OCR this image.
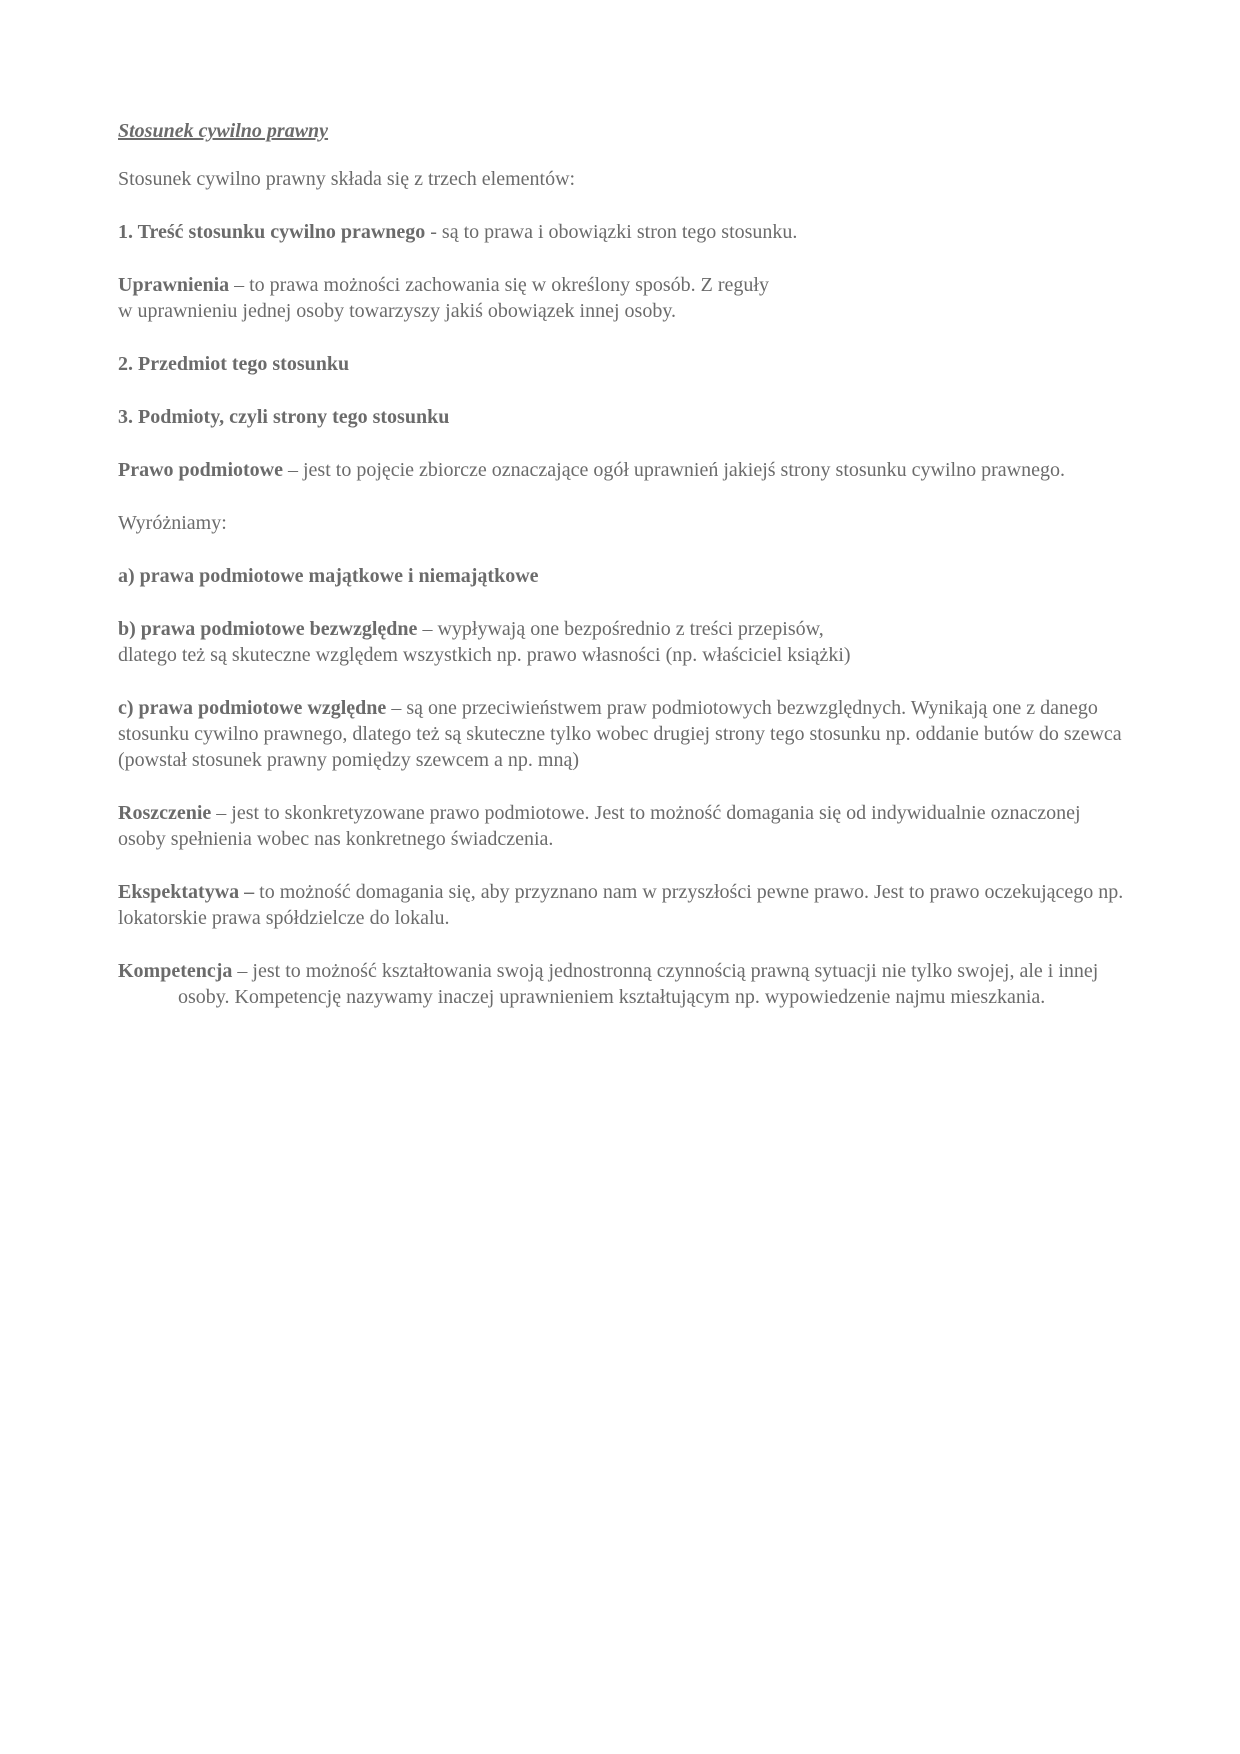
Stosunek cywilno prawny
Stosunek cywilno prawny składa się z trzech elementów:
1. Treść stosunku cywilno prawnego - są to prawa i obowiązki stron tego stosunku.
Uprawnienia – to prawa możności zachowania się w określony sposób. Z reguły
w uprawnieniu jednej osoby towarzyszy jakiś obowiązek innej osoby.
2. Przedmiot tego stosunku
3. Podmioty, czyli strony tego stosunku
Prawo podmiotowe – jest to pojęcie zbiorcze oznaczające ogół uprawnień jakiejś strony stosunku cywilno prawnego.
Wyróżniamy:
a) prawa podmiotowe majątkowe i niemajątkowe
b) prawa podmiotowe bezwzględne – wypływają one bezpośrednio z treści przepisów,
dlatego też są skuteczne względem wszystkich np. prawo własności (np. właściciel książki)
c) prawa podmiotowe względne – są one przeciwieństwem praw podmiotowych bezwzględnych. Wynikają one z danego stosunku cywilno prawnego, dlatego też są skuteczne tylko wobec drugiej strony tego stosunku np. oddanie butów do szewca (powstał stosunek prawny pomiędzy szewcem a np. mną)
Roszczenie – jest to skonkretyzowane prawo podmiotowe. Jest to możność domagania się od indywidualnie oznaczonej osoby spełnienia wobec nas konkretnego świadczenia.
Ekspektatywa – to możność domagania się, aby przyznano nam w przyszłości pewne prawo. Jest to prawo oczekującego np. lokatorskie prawa spółdzielcze do lokalu.
Kompetencja – jest to możność kształtowania swoją jednostronną czynnością prawną sytuacji nie tylko swojej, ale i innej osoby. Kompetencję nazywamy inaczej uprawnieniem kształtującym np. wypowiedzenie najmu mieszkania.
